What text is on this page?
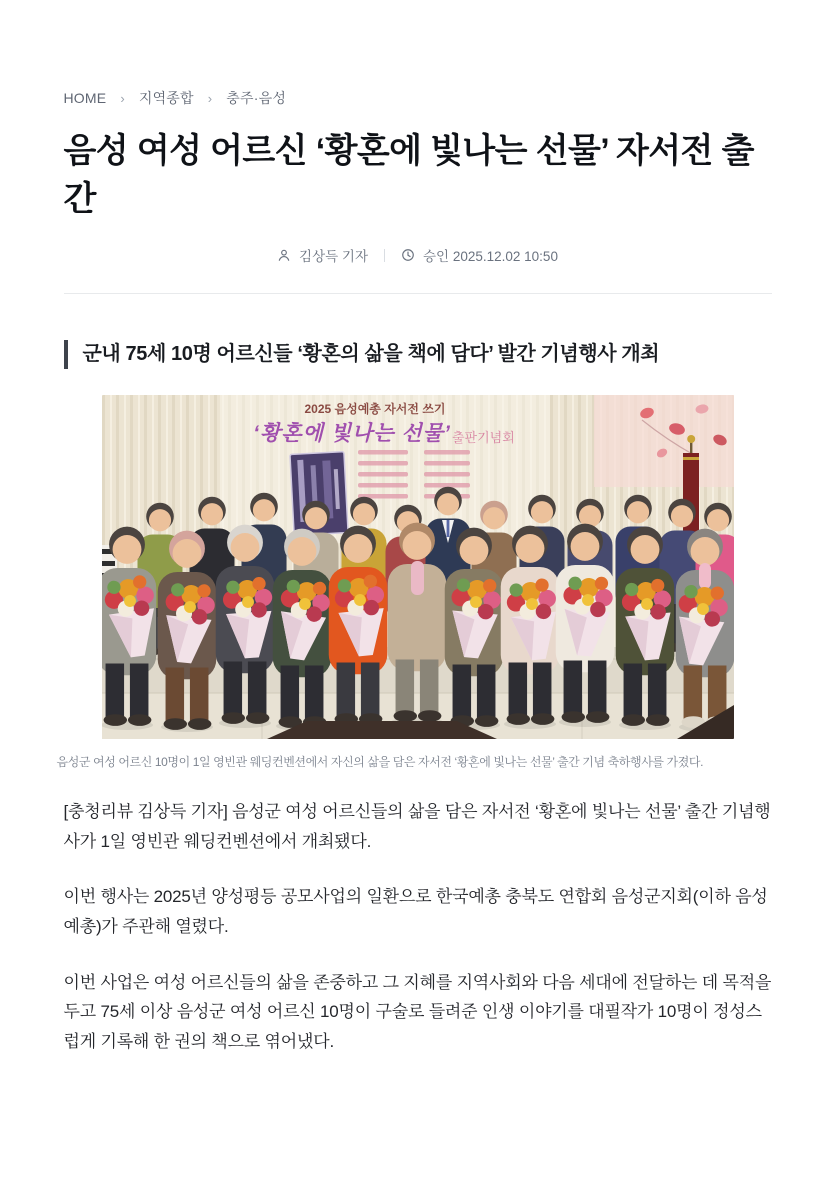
HOME › 지역종합 › 충주·음성
음성 여성 어르신 ‘황혼에 빛나는 선물’ 자서전 출간
김상득 기자	승인 2025.12.02 10:50
군내 75세 10명 어르신들 ‘황혼의 삶을 책에 담다’ 발간 기념행사 개최
2025 음성예총 자서전 쓰기
‘황혼에 빛나는 선물’ 출판기념회
음성군 여성 어르신 10명이 1일 영빈관 웨딩컨벤션에서 자신의 삶을 담은 자서전 ‘황혼에 빛나는 선물’ 출간 기념 축하행사를 가졌다.

[충청리뷰 김상득 기자] 음성군 여성 어르신들의 삶을 담은 자서전 ‘황혼에 빛나는 선물’ 출간 기념행사가 1일 영빈관 웨딩컨벤션에서 개최됐다.

이번 행사는 2025년 양성평등 공모사업의 일환으로 한국예총 충북도 연합회 음성군지회(이하 음성예총)가 주관해 열렸다.

이번 사업은 여성 어르신들의 삶을 존중하고 그 지혜를 지역사회와 다음 세대에 전달하는 데 목적을 두고 75세 이상 음성군 여성 어르신 10명이 구술로 들려준 인생 이야기를 대필작가 10명이 정성스럽게 기록해 한 권의 책으로 엮어냈다.
